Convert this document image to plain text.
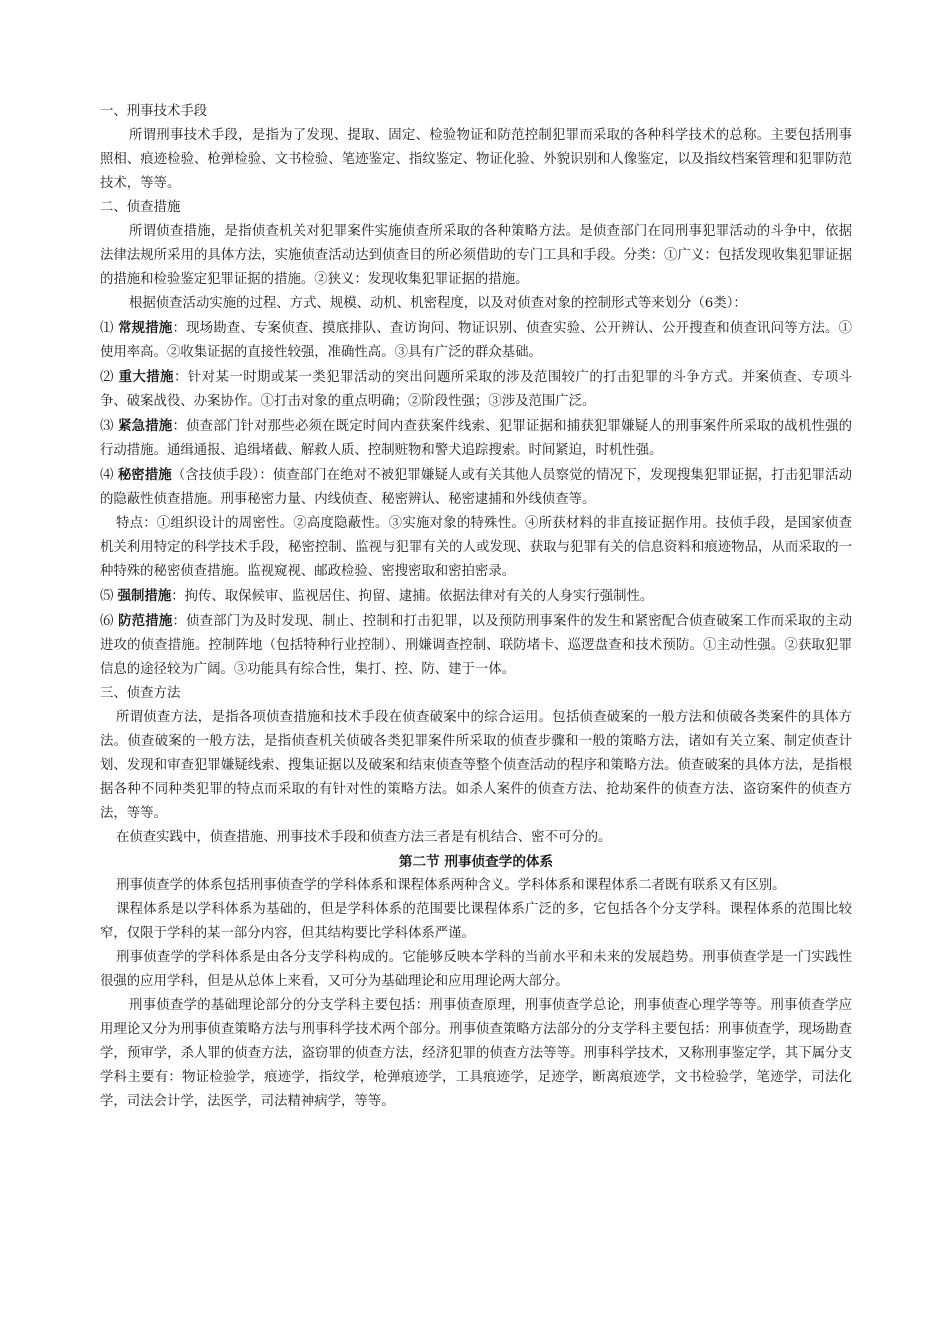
一、刑事技术手段

所谓刑事技术手段，是指为了发现、提取、固定、检验物证和防范控制犯罪而采取的各种科学技术的总称。主要包括刑事照相、痕迹检验、枪弹检验、文书检验、笔迹鉴定、指纹鉴定、物证化验、外貌识别和人像鉴定，以及指纹档案管理和犯罪防范技术，等等。

二、侦查措施

所谓侦查措施，是指侦查机关对犯罪案件实施侦查所采取的各种策略方法。是侦查部门在同刑事犯罪活动的斗争中，依据法律法规所采用的具体方法，实施侦查活动达到侦查目的所必须借助的专门工具和手段。分类：①广义：包括发现收集犯罪证据的措施和检验鉴定犯罪证据的措施。②狭义：发现收集犯罪证据的措施。

根据侦查活动实施的过程、方式、规模、动机、机密程度，以及对侦查对象的控制形式等来划分（6类）：

⑴ 常规措施：现场勘查、专案侦查、摸底排队、查访询问、物证识别、侦查实验、公开辨认、公开搜查和侦查讯问等方法。①使用率高。②收集证据的直接性较强，准确性高。③具有广泛的群众基础。

⑵ 重大措施：针对某一时期或某一类犯罪活动的突出问题所采取的涉及范围较广的打击犯罪的斗争方式。并案侦查、专项斗争、破案战役、办案协作。①打击对象的重点明确；②阶段性强；③涉及范围广泛。

⑶ 紧急措施：侦查部门针对那些必须在既定时间内查获案件线索、犯罪证据和捕获犯罪嫌疑人的刑事案件所采取的战机性强的行动措施。通缉通报、追缉堵截、解救人质、控制赃物和警犬追踪搜索。时间紧迫，时机性强。

⑷ 秘密措施（含技侦手段）：侦查部门在绝对不被犯罪嫌疑人或有关其他人员察觉的情况下，发现搜集犯罪证据，打击犯罪活动的隐蔽性侦查措施。刑事秘密力量、内线侦查、秘密辨认、秘密逮捕和外线侦查等。

特点：①组织设计的周密性。②高度隐蔽性。③实施对象的特殊性。④所获材料的非直接证据作用。技侦手段，是国家侦查机关利用特定的科学技术手段，秘密控制、监视与犯罪有关的人或发现、获取与犯罪有关的信息资料和痕迹物品，从而采取的一种特殊的秘密侦查措施。监视窥视、邮政检验、密搜密取和密拍密录。

⑸ 强制措施：拘传、取保候审、监视居住、拘留、逮捕。依据法律对有关的人身实行强制性。

⑹ 防范措施：侦查部门为及时发现、制止、控制和打击犯罪，以及预防刑事案件的发生和紧密配合侦查破案工作而采取的主动进攻的侦查措施。控制阵地（包括特种行业控制）、刑嫌调查控制、联防堵卡、巡逻盘查和技术预防。①主动性强。②获取犯罪信息的途径较为广阔。③功能具有综合性，集打、控、防、建于一体。

三、侦查方法

所谓侦查方法，是指各项侦查措施和技术手段在侦查破案中的综合运用。包括侦查破案的一般方法和侦破各类案件的具体方法。侦查破案的一般方法，是指侦查机关侦破各类犯罪案件所采取的侦查步骤和一般的策略方法，诸如有关立案、制定侦查计划、发现和审查犯罪嫌疑线索、搜集证据以及破案和结束侦查等整个侦查活动的程序和策略方法。侦查破案的具体方法，是指根据各种不同种类犯罪的特点而采取的有针对性的策略方法。如杀人案件的侦查方法、抢劫案件的侦查方法、盗窃案件的侦查方法，等等。

在侦查实践中，侦查措施、刑事技术手段和侦查方法三者是有机结合、密不可分的。

第二节 刑事侦查学的体系

刑事侦查学的体系包括刑事侦查学的学科体系和课程体系两种含义。学科体系和课程体系二者既有联系又有区别。

课程体系是以学科体系为基础的，但是学科体系的范围要比课程体系广泛的多，它包括各个分支学科。课程体系的范围比较窄，仅限于学科的某一部分内容，但其结构要比学科体系严谨。

刑事侦查学的学科体系是由各分支学科构成的。它能够反映本学科的当前水平和未来的发展趋势。刑事侦查学是一门实践性很强的应用学科，但是从总体上来看，又可分为基础理论和应用理论两大部分。

刑事侦查学的基础理论部分的分支学科主要包括：刑事侦查原理，刑事侦查学总论，刑事侦查心理学等等。刑事侦查学应用理论又分为刑事侦查策略方法与刑事科学技术两个部分。刑事侦查策略方法部分的分支学科主要包括：刑事侦查学，现场勘查学，预审学，杀人罪的侦查方法，盗窃罪的侦查方法，经济犯罪的侦查方法等等。刑事科学技术，又称刑事鉴定学，其下属分支学科主要有：物证检验学，痕迹学，指纹学，枪弹痕迹学，工具痕迹学，足迹学，断离痕迹学，文书检验学，笔迹学，司法化学，司法会计学，法医学，司法精神病学，等等。
